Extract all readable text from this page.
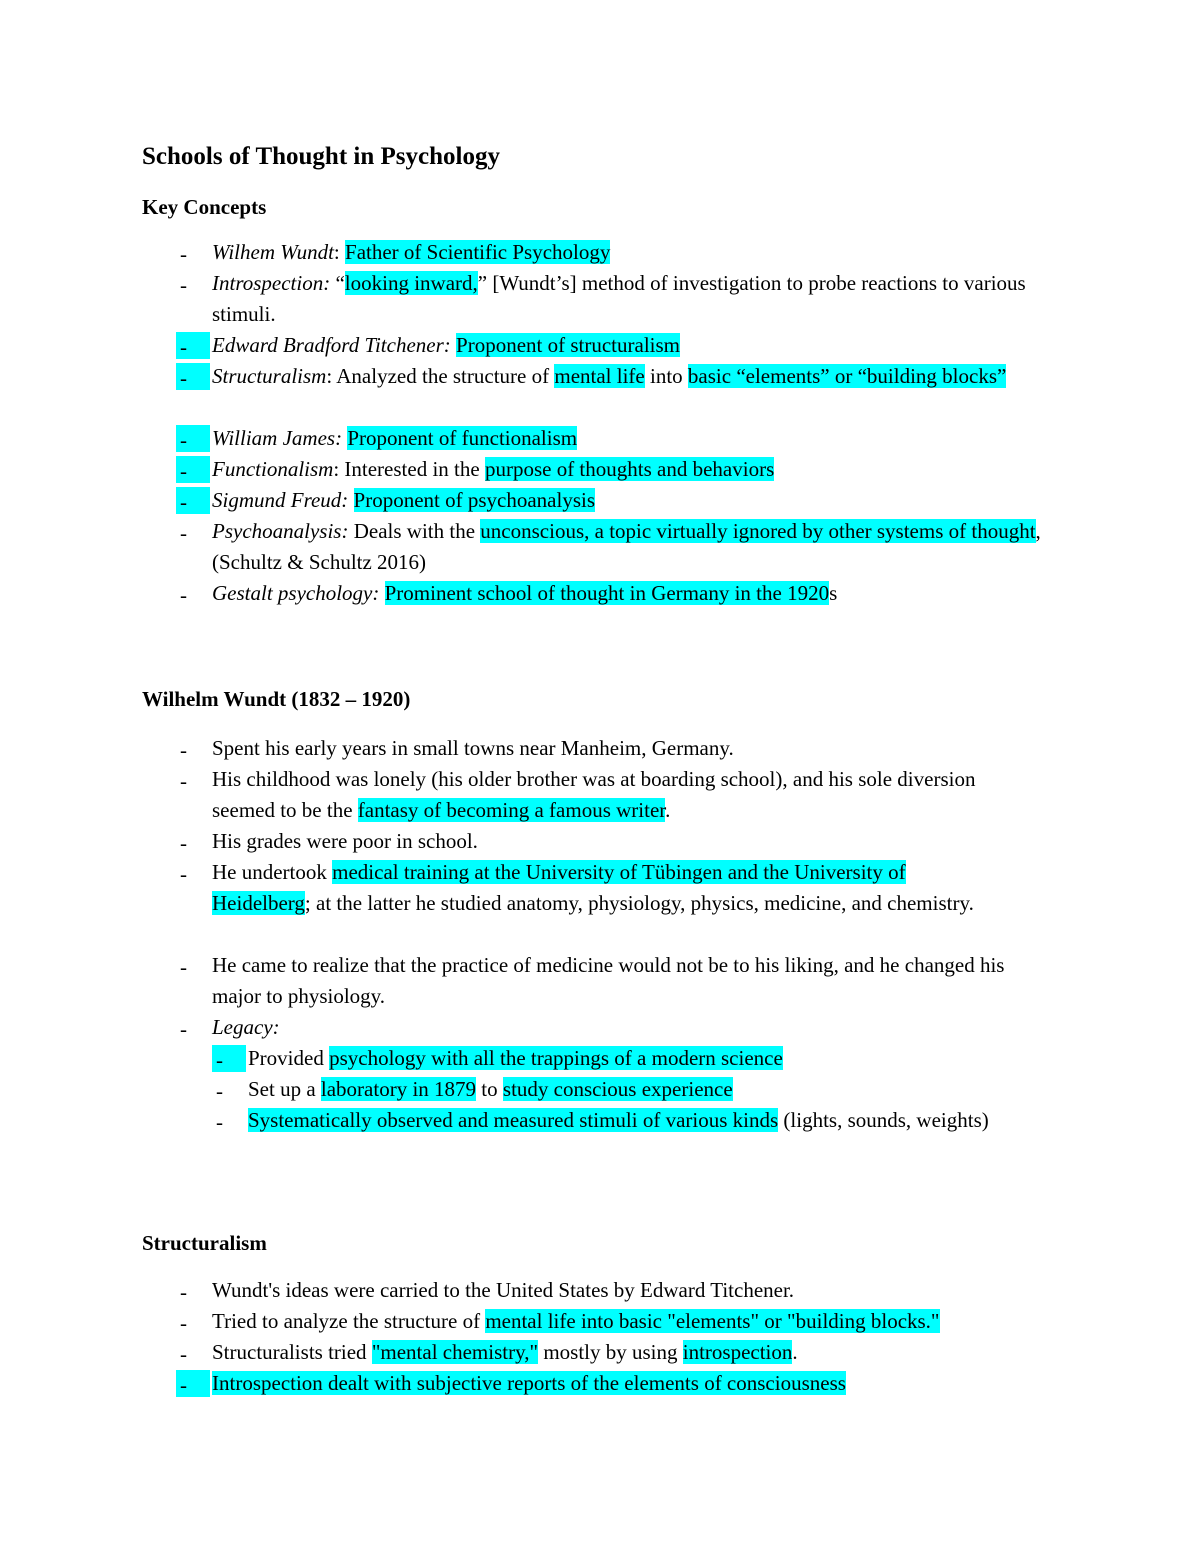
Schools of Thought in Psychology
Key Concepts
-	Wilhem Wundt: Father of Scientific Psychology
-	Introspection: “looking inward,” [Wundt’s] method of investigation to probe reactions to various stimuli.
-	Edward Bradford Titchener: Proponent of structuralism
-	Structuralism: Analyzed the structure of mental life into basic “elements” or “building blocks”
-	William James: Proponent of functionalism
-	Functionalism: Interested in the purpose of thoughts and behaviors
-	Sigmund Freud: Proponent of psychoanalysis
-	Psychoanalysis: Deals with the unconscious, a topic virtually ignored by other systems of thought, (Schultz & Schultz 2016)
-	Gestalt psychology: Prominent school of thought in Germany in the 1920s
Wilhelm Wundt (1832 – 1920)
-	Spent his early years in small towns near Manheim, Germany.
-	His childhood was lonely (his older brother was at boarding school), and his sole diversion seemed to be the fantasy of becoming a famous writer.
-	His grades were poor in school.
-	He undertook medical training at the University of Tübingen and the University of Heidelberg; at the latter he studied anatomy, physiology, physics, medicine, and chemistry.
-	He came to realize that the practice of medicine would not be to his liking, and he changed his major to physiology.
-	Legacy:
-	Provided psychology with all the trappings of a modern science
-	Set up a laboratory in 1879 to study conscious experience
-	Systematically observed and measured stimuli of various kinds (lights, sounds, weights)
Structuralism
-	Wundt's ideas were carried to the United States by Edward Titchener.
-	Tried to analyze the structure of mental life into basic "elements" or "building blocks."
-	Structuralists tried "mental chemistry," mostly by using introspection.
-	Introspection dealt with subjective reports of the elements of consciousness
